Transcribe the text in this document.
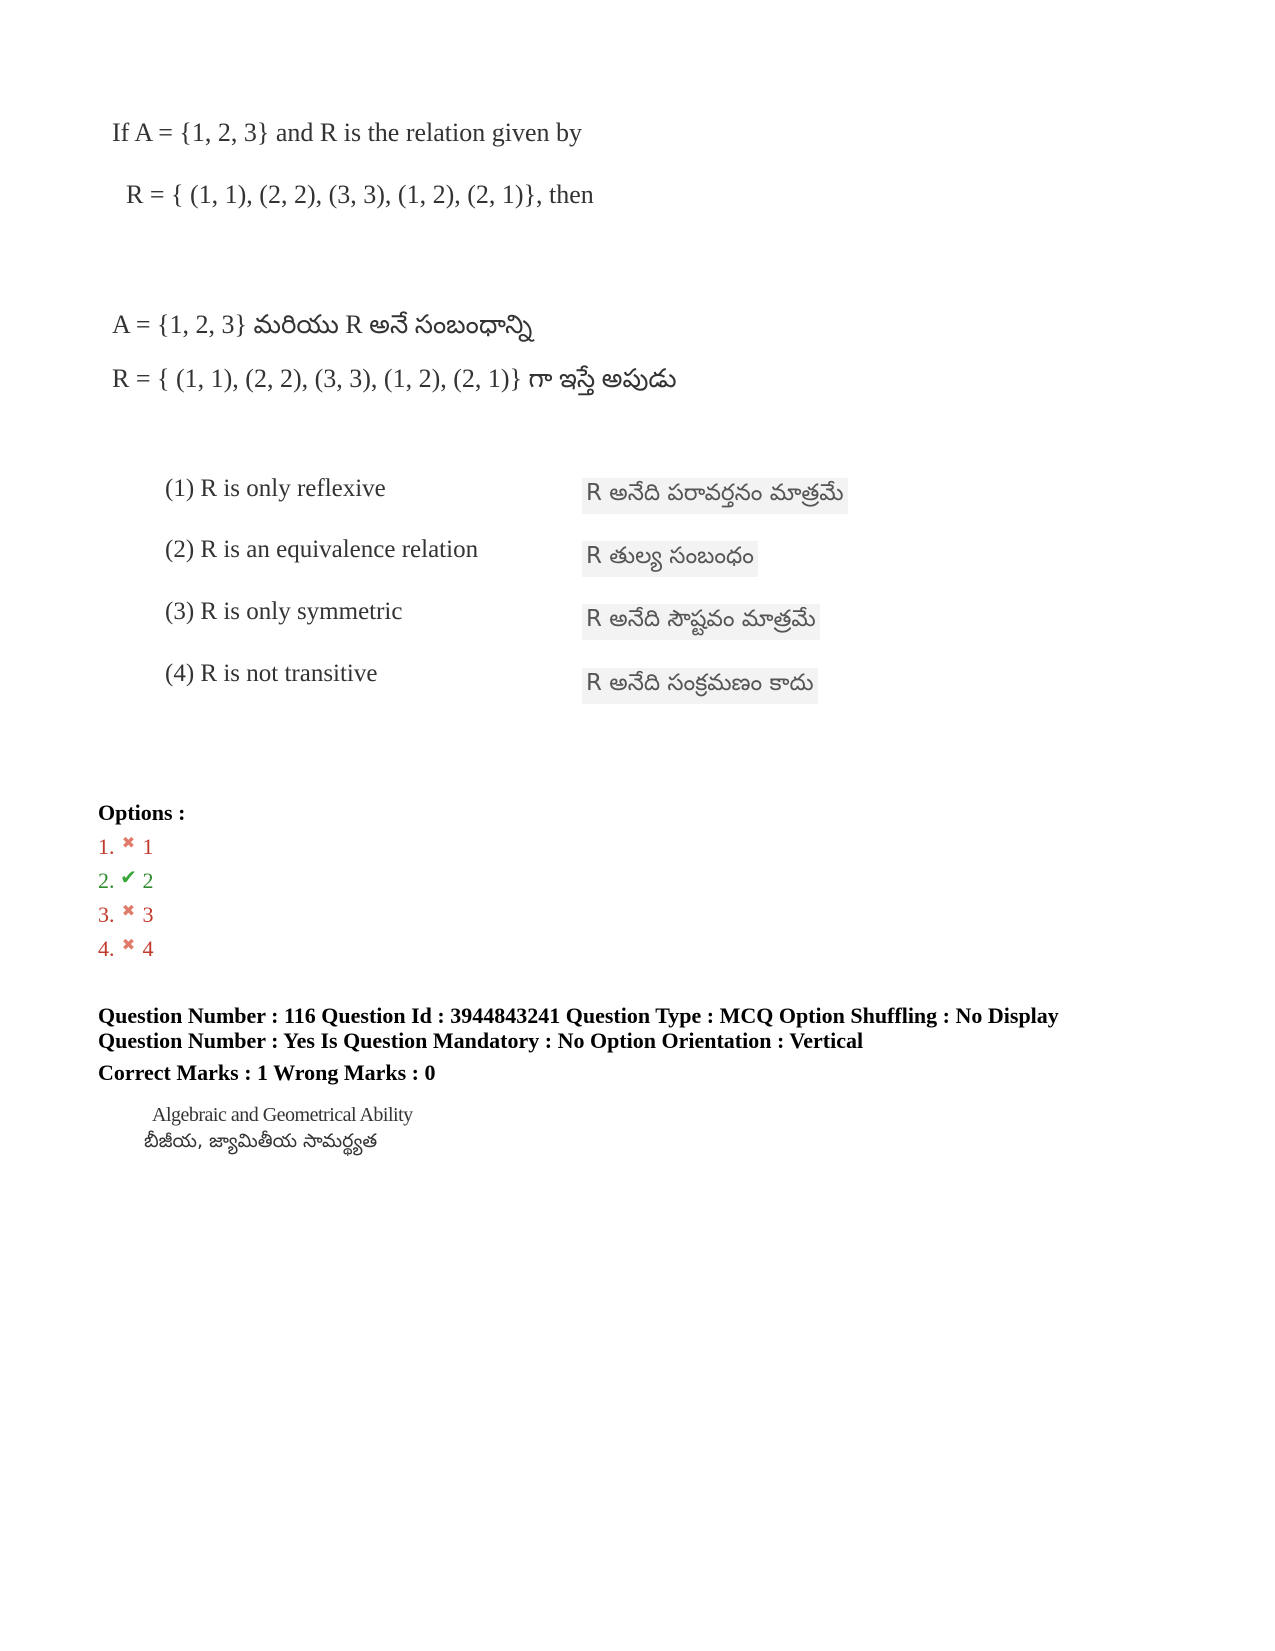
If A = {1, 2, 3} and R is the relation given by
R = { (1, 1), (2, 2), (3, 3), (1, 2), (2, 1)}, then
A = {1, 2, 3} మరియు R అనే సంబంధాన్ని
R = { (1, 1), (2, 2), (3, 3), (1, 2), (2, 1)} గా ఇస్తే అపుడు
(1) R is only reflexive	R అనేది పరావర్తనం మాత్రమే
(2) R is an equivalence relation	R తుల్య సంబంధం
(3) R is only symmetric	R అనేది సౌష్టవం మాత్రమే
(4) R is not transitive	R అనేది సంక్రమణం కాదు
Options :
1. ✖ 1
2. ✔ 2
3. ✖ 3
4. ✖ 4
Question Number : 116 Question Id : 3944843241 Question Type : MCQ Option Shuffling : No Display
Question Number : Yes Is Question Mandatory : No Option Orientation : Vertical
Correct Marks : 1 Wrong Marks : 0
Algebraic and Geometrical Ability
బీజీయ, జ్యామితీయ సామర్థ్యత
